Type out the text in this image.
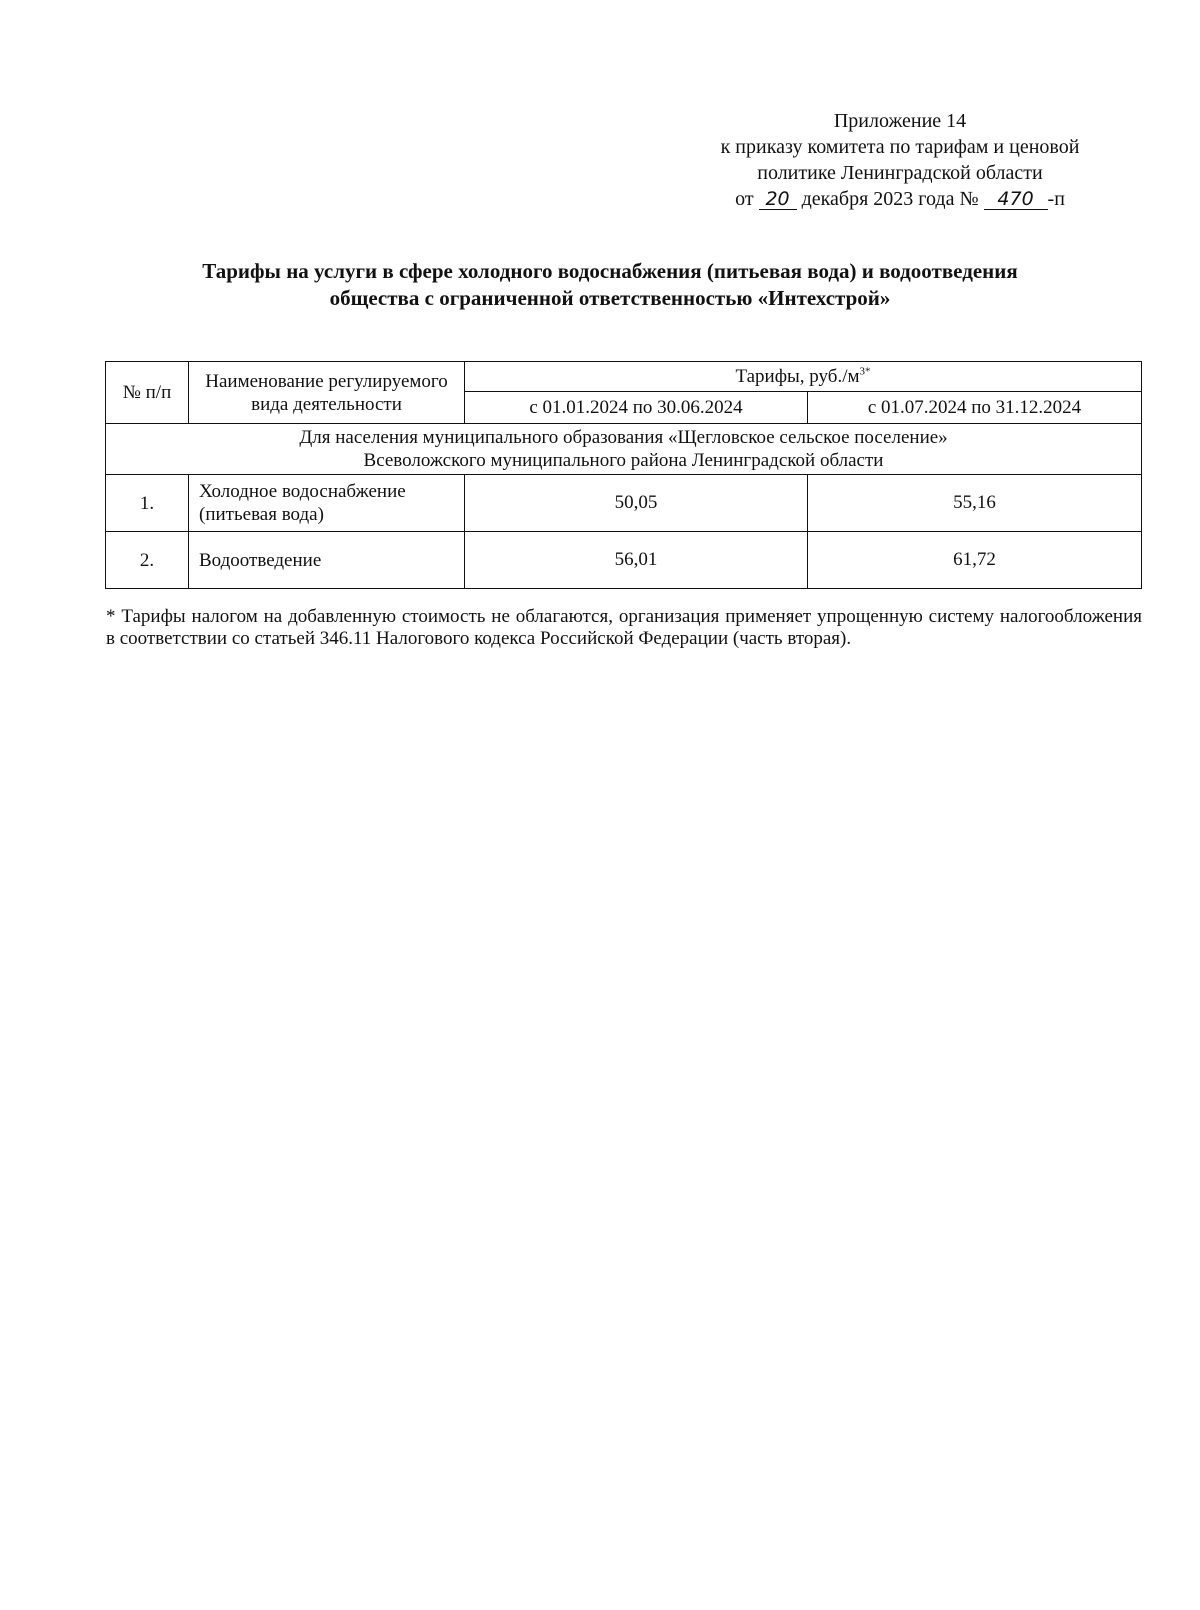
Приложение 14
к приказу комитета по тарифам и ценовой
политике Ленинградской области
от 20 декабря 2023 года № 470 -п
Тарифы на услуги в сфере холодного водоснабжения (питьевая вода) и водоотведения
общества с ограниченной ответственностью «Интехстрой»
№ п/п	Наименование регулируемого вида деятельности	Тарифы, $руб./м^{3*}$
		с 01.01.2024 по 30.06.2024	с 01.07.2024 по 31.12.2024

Для населения муниципального образования «Щегловское сельское поселение»
Всеволожского муниципального района Ленинградской области			

1.	Холодное водоснабжение (питьевая вода)	50,05	55,16
2.	Водоотведение	56,01	61,72
* Тарифы налогом на добавленную стоимость не облагаются, организация применяет упрощенную систему налогообложения в соответствии со статьей 346.11 Налогового кодекса Российской Федерации (часть вторая).
